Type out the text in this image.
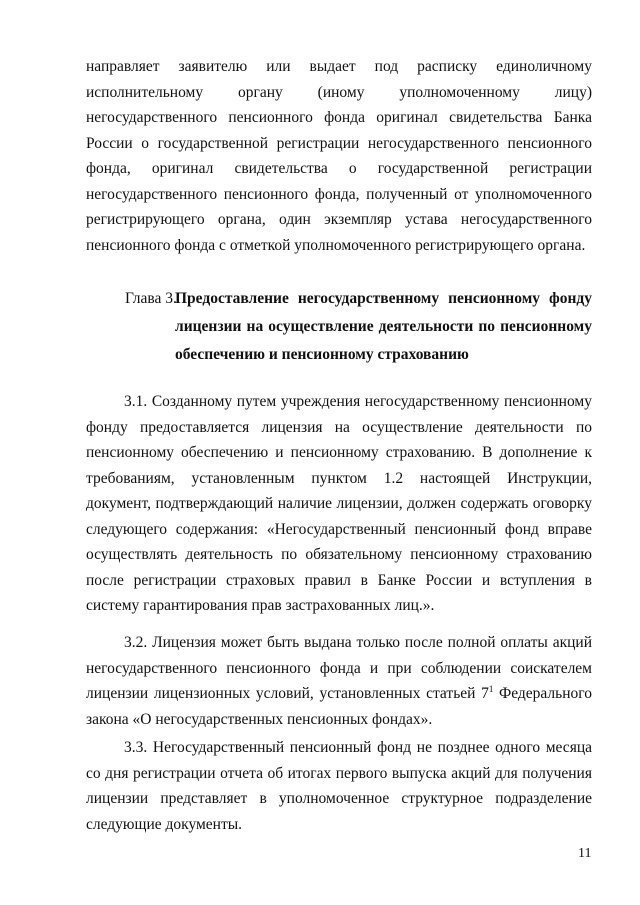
направляет заявителю или выдает под расписку единоличному исполнительному органу (иному уполномоченному лицу) негосударственного пенсионного фонда оригинал свидетельства Банка России о государственной регистрации негосударственного пенсионного фонда, оригинал свидетельства о государственной регистрации негосударственного пенсионного фонда, полученный от уполномоченного регистрирующего органа, один экземпляр устава негосударственного пенсионного фонда с отметкой уполномоченного регистрирующего органа.

Глава 3.
Предоставление негосударственному пенсионному фонду
лицензии на осуществление деятельности по пенсионному
обеспечению и пенсионному страхованию

3.1. Созданному путем учреждения негосударственному пенсионному фонду предоставляется лицензия на осуществление деятельности по пенсионному обеспечению и пенсионному страхованию. В дополнение к требованиям, установленным пунктом 1.2 настоящей Инструкции, документ, подтверждающий наличие лицензии, должен содержать оговорку следующего содержания: «Негосударственный пенсионный фонд вправе осуществлять деятельность по обязательному пенсионному страхованию после регистрации страховых правил в Банке России и вступления в систему гарантирования прав застрахованных лиц.».

3.2. Лицензия может быть выдана только после полной оплаты акций негосударственного пенсионного фонда и при соблюдении соискателем лицензии лицензионных условий, установленных статьей $7^1$ Федерального закона «О негосударственных пенсионных фондах».

3.3. Негосударственный пенсионный фонд не позднее одного месяца со дня регистрации отчета об итогах первого выпуска акций для получения лицензии представляет в уполномоченное структурное подразделение следующие документы.

11
